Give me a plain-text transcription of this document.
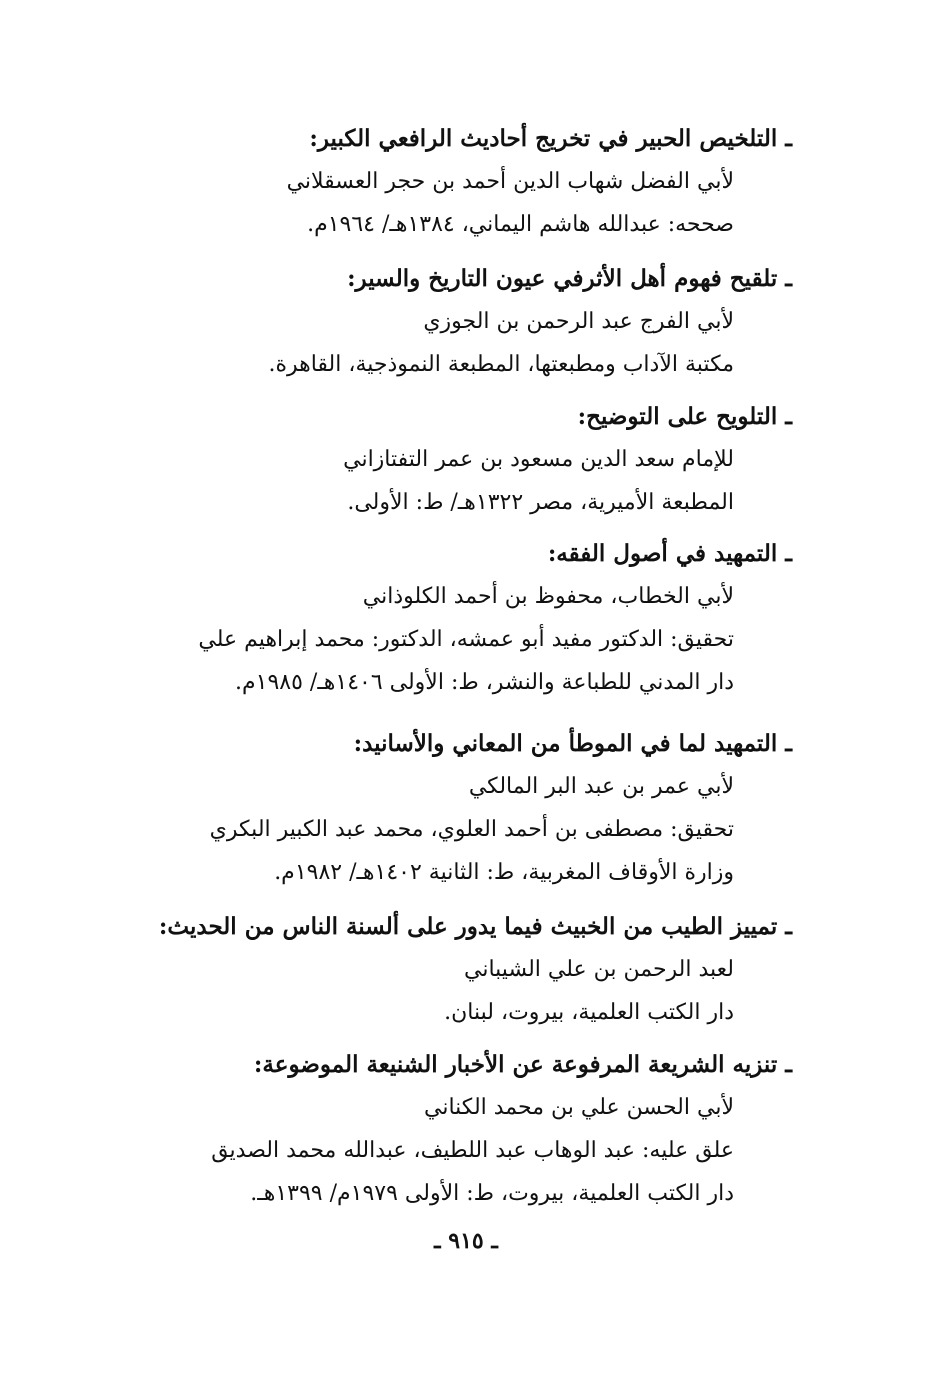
ـ التلخيص الحبير في تخريج أحاديث الرافعي الكبير:
لأبي الفضل شهاب الدين أحمد بن حجر العسقلاني
صححه: عبدالله هاشم اليماني، ١٣٨٤هـ/ ١٩٦٤م.
ـ تلقيح فهوم أهل الأثرفي عيون التاريخ والسير:
لأبي الفرج عبد الرحمن بن الجوزي
مكتبة الآداب ومطبعتها، المطبعة النموذجية، القاهرة.
ـ التلويح على التوضيح:
للإمام سعد الدين مسعود بن عمر التفتازاني
المطبعة الأميرية، مصر ١٣٢٢هـ/ ط: الأولى.
ـ التمهيد في أصول الفقه:
لأبي الخطاب، محفوظ بن أحمد الكلوذاني
تحقيق: الدكتور مفيد أبو عمشه، الدكتور: محمد إبراهيم علي
دار المدني للطباعة والنشر، ط: الأولى ١٤٠٦هـ/ ١٩٨٥م.
ـ التمهيد لما في الموطأ من المعاني والأسانيد:
لأبي عمر بن عبد البر المالكي
تحقيق: مصطفى بن أحمد العلوي، محمد عبد الكبير البكري
وزارة الأوقاف المغربية، ط: الثانية ١٤٠٢هـ/ ١٩٨٢م.
ـ تمييز الطيب من الخبيث فيما يدور على ألسنة الناس من الحديث:
لعبد الرحمن بن علي الشيباني
دار الكتب العلمية، بيروت، لبنان.
ـ تنزيه الشريعة المرفوعة عن الأخبار الشنيعة الموضوعة:
لأبي الحسن علي بن محمد الكناني
علق عليه: عبد الوهاب عبد اللطيف، عبدالله محمد الصديق
دار الكتب العلمية، بيروت، ط: الأولى ١٩٧٩م/ ١٣٩٩هـ.
ـ ٩١٥ ـ
